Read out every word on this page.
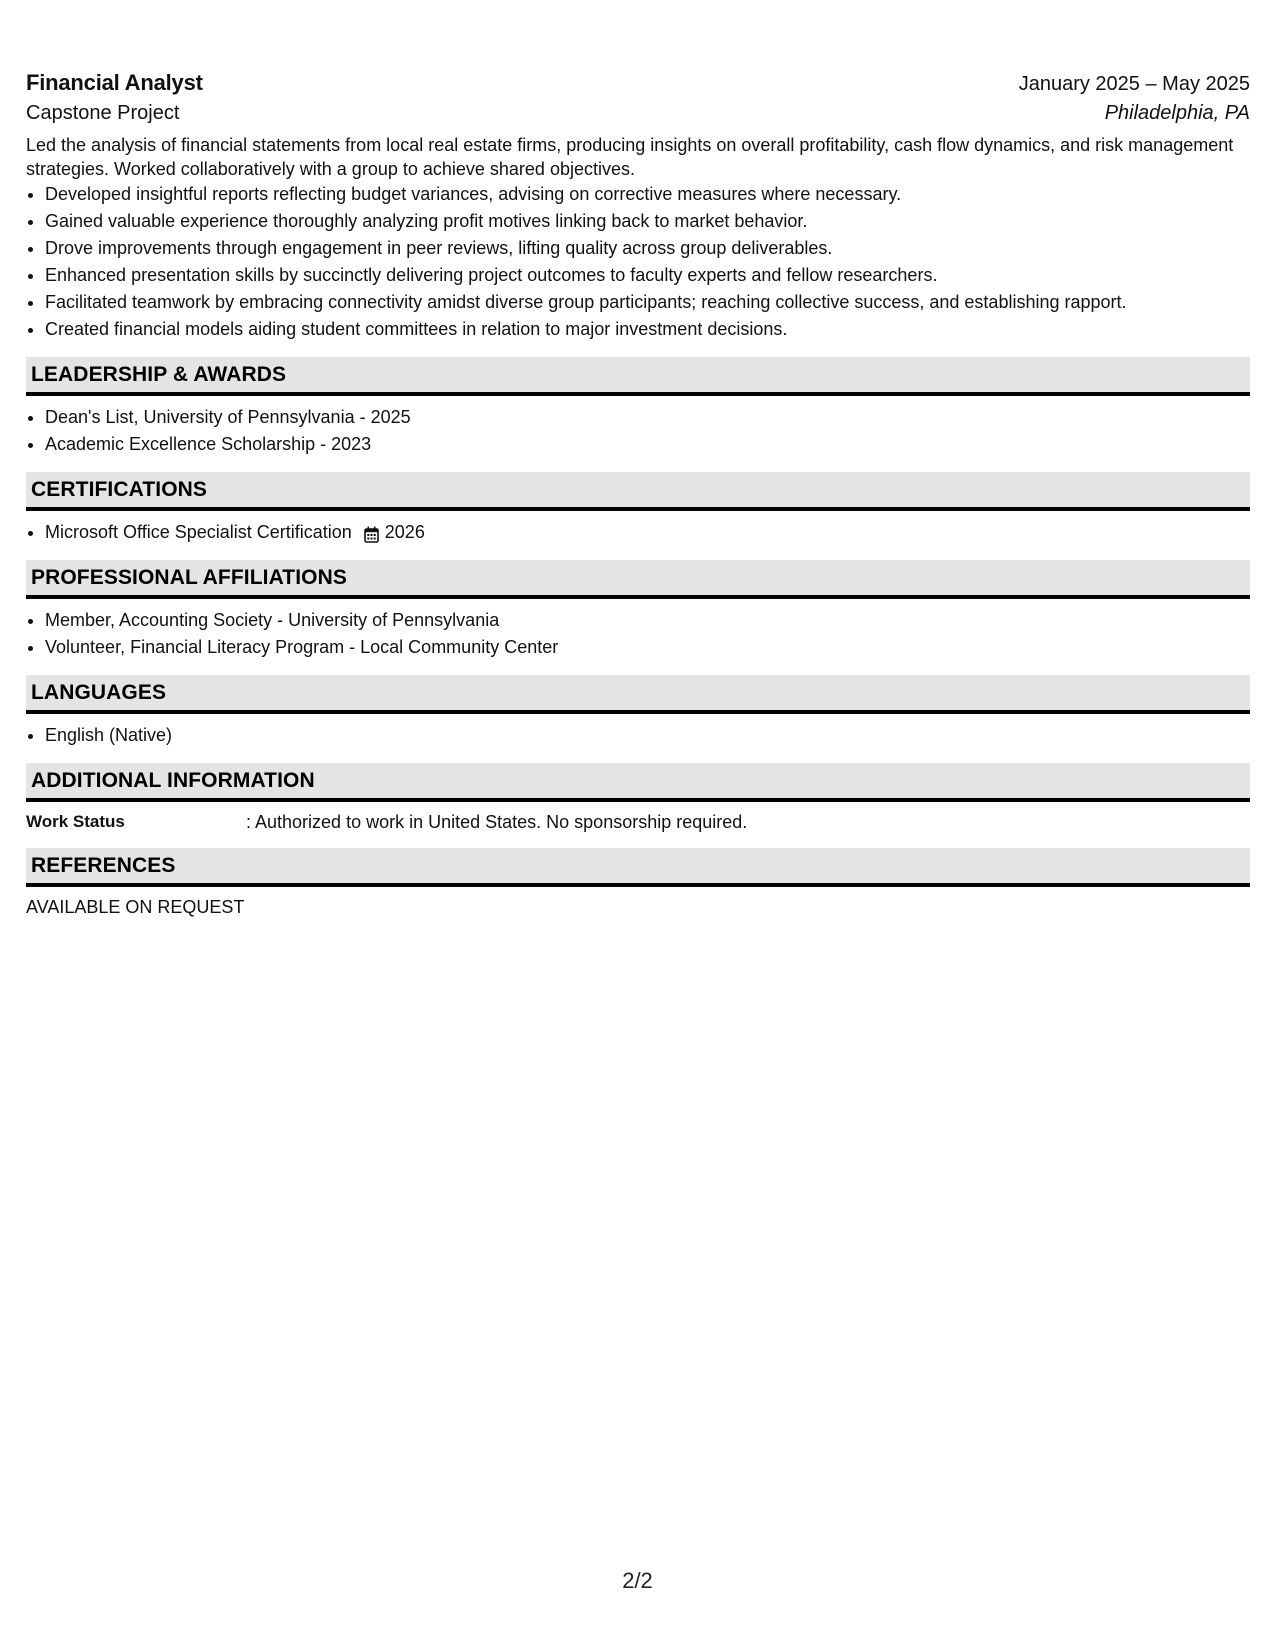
Financial Analyst	January 2025 – May 2025
Capstone Project	Philadelphia, PA
Led the analysis of financial statements from local real estate firms, producing insights on overall profitability, cash flow dynamics, and risk management strategies. Worked collaboratively with a group to achieve shared objectives.
• Developed insightful reports reflecting budget variances, advising on corrective measures where necessary.
• Gained valuable experience thoroughly analyzing profit motives linking back to market behavior.
• Drove improvements through engagement in peer reviews, lifting quality across group deliverables.
• Enhanced presentation skills by succinctly delivering project outcomes to faculty experts and fellow researchers.
• Facilitated teamwork by embracing connectivity amidst diverse group participants; reaching collective success, and establishing rapport.
• Created financial models aiding student committees in relation to major investment decisions.
LEADERSHIP & AWARDS
• Dean's List, University of Pennsylvania - 2025
• Academic Excellence Scholarship - 2023
CERTIFICATIONS
• Microsoft Office Specialist Certification 2026
PROFESSIONAL AFFILIATIONS
• Member, Accounting Society - University of Pennsylvania
• Volunteer, Financial Literacy Program - Local Community Center
LANGUAGES
• English (Native)
ADDITIONAL INFORMATION
Work Status	: Authorized to work in United States. No sponsorship required.
REFERENCES
AVAILABLE ON REQUEST
2/2
